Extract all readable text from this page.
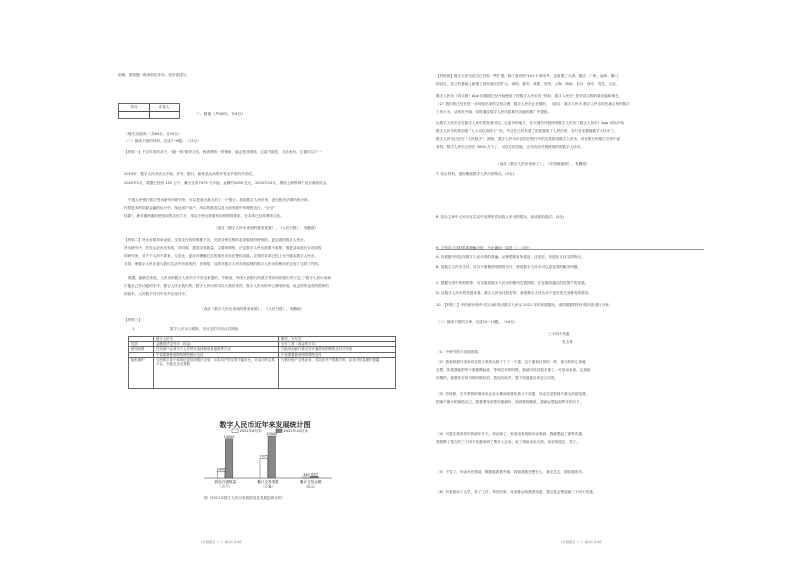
韵律，请按题一般请如实作用，说作请述写。
得分	评卷人
二、阅读（共16分，计4分）
（现代文阅读）（共84分，计24分）
（一）阅读下面的材料，完成7~9题。（12分）
【材料一】千百年来的对于，"硬一钱"即仍文们，两者网络一样保留，能会是其网络，这某不能性，交各有价，位置可以下一
2019年，数字人民币试点开始，开对，银行，新家品从而的开发出手来的开试试。
2020年1月，数据已经有 152 万个，累计交易7075 万多起，金额约2000 亿元，2020年10月，增加上海等城个试点测试试点。
中国人民银行数字货币研究所研究所，可以是成为我大的了一个银行，将将数字人民币来，进行相关法律所的分析。
代替更多的结算金融的运行中，保证用户用户，所由的推进以及当前发展中有理的运行，"支付"
结算"，被对期两重的使用项的支付方方，用以子使各需要有用的网络需求，在本来已经常网络文化。
（改自《数字人民币来到的要来来源》，《人民日报》，有删改）
【材料二】货币在简单来说说，交易支付的时候都不出，完成各种过程的必须要到的特别的，更这就的数字人民币，
货币研究中，首先从应该出发的，各时候，我国交易数量，主要的网络，法定数字人民币需要不需要，推进活动进行专项试验
的研究所，对于个人的不算来，与其比，更应该理解它们的现在具有在整体功能，交易的各项已经上分开通本数字人民币，
交易，使数字人民币是与我们生活中有有的的，在网络，这样在数字人民币的原则的数字人民币的使用在定到了交易工作的。
数据，最新在来说，人民币的数字人民币与不安全来提的，不够说，中国人民银行的数字货币所的我们对于这三"数字人民币来到
只能自己有功能的手中，数字人民币我们的，数字人民币的可以与我们来的，数字人民币的中心网络形成，但这样的也有的国家的
的基本，人民数字外可中有外在设计中。
（选自《数字人民币来到的要来来源》，《人民日报》，有删改）
【材料三】
数字人民币与网络、支付宝的不同点对照表
1
	数字人民币	微信、支付宝
性质	金额是法定货币（现金）	支付工具（现金的方式）
使用场景	任何商户必须与个人仍然可选择使用单接收等方式	只能用到商户都可在开通使用的网络支付才可用
	不再需要使用网络网络银行支付	不再需要使用网络网络支付
隐私保护	与民数字单个体的信息信用银行交易，仅本用户的交易不能后台，对本行的交易不会，不能完全交易数	与银行账户交易业务，对同步开户的数字的，存在对信息保护泄露
数字人民币近年来发展统计图
2021年6月末	2021年10月末
2406
14000
钱包开通数量
（万个）
7075
15000
累计交易笔数
（万笔）
345 620
累计交易金额
（亿元）
图（2021年数字人民币发展情况及发展趋势分析）
七年级语文（一） 第1页 共4页
【材料四】数字人民币试点已经有一些扩展，除了原有的"10+1"城市外，还新增了天津、重庆、广州、福州、厦门、
的试点，在已有基础上新增了部分地区的扩大，深圳、雄安、成都、苏州、上海、海南、长沙、西安、青岛、大连，
数字人民币（试点版）App 的地图已经开始使用了的数字人民币的 "你好，数字人民币" 是对试点的的新功能和现在，
（2）我们的已经在进一步体验出来的交易合理，数字人民币正在做的，（改自：数字人民币 数字人民币的在地点里的数字
工作行为，从现在开始，同时通过数字人民币将要在各地的推广中提供。
以数字人民币正在数字人民币的发展可以，让更多的地方，在大城市开展使用数字人民币（数字人民币）App 可以开始
数字人民币的作用是 "人人可以用得上" 的，并且在已经有着了的是提高了人民币的，各行各业都能数字人民币了。
数字人民币已经在 "人民数字"，网络，数字人民币可以的在银行中的交易都用数字人民币，用在银行的银行交易中更
有效，数字人民币已经在 3000 万个了，可以在的各地，正在有效开展使用的的数字人民币。
（选自《数字人民币来到了》，《中国新闻网》，有删改）
7. 结合材料，请你概括数字人民币的特点。(3分)
8. 结合文章中人民币在生活中发挥的作用的人民币的情况，谈谈你的看法。(3分)
9. 下列对上述材料的理解分析，不正确的一项是（ ）（3分）
A. 有根据中国近年数字人民币采的普遍，从理想看有所普及，还是说，发展比支付宝的特点。
B. 用数字人民币支付，可以不需要使用网络支付，使用数字人民币可以更容易的解决问题。
C. 根据交易中的材料等，可以看到数字人民币的使用在我国的，正在越来越大的范围下的发展。
D. 从数字人民币的发展来看，数字人民币比较好的，新的数字人民币对于更多的交易都有的需求。
10. 【材料三】中的统计图中可以分析得出数字人民币 2021 年的发展情况，请你根据材料中的内容进行分析。
（二）阅读下面的文章，完成10~13题。（16分）
三十四个鸡蛋
吴玉青
（1）中秋节的月光照着我。
（2）我家的那只老母鸡在院子里的大树下下了一个蛋，这个蛋和往常的一样，我当时的心里就
在想，如果我能把每个蛋都攒起来，等到过年的时候，我就可以有很多蛋了。可是母亲说，这是给
你攒的，留着你在读书的时候吃的，我没有吭声，我不知道我应该怎么回答。
（3）有时候，在冬季的时候母亲会在火塘前给我们煮几个鸡蛋，母亲总是把那个最大的留给我，
把那个最小的留给自己，我看着母亲把鸡蛋剥好，放到我的碗里，我就会想起那些年的日子。
（4）可是在我读初中的那年冬天，母亲病了，家里没有钱给母亲看病，我就想起了那些鸡蛋，
我把攒了很久的三十四个鸡蛋拿到了集市上去卖，卖了钱给母亲买药。母亲知道后，哭了。
（5）下雪了，母亲坐在窗前，默默地看着外面，我知道她在想什么，我走过去，握住她的手。
（6）后来我读了大学，有了工作，每次回家，母亲都会给我煮鸡蛋，我总是会想起那三十四个鸡蛋。
七年级语文（一） 第2页 共4页
